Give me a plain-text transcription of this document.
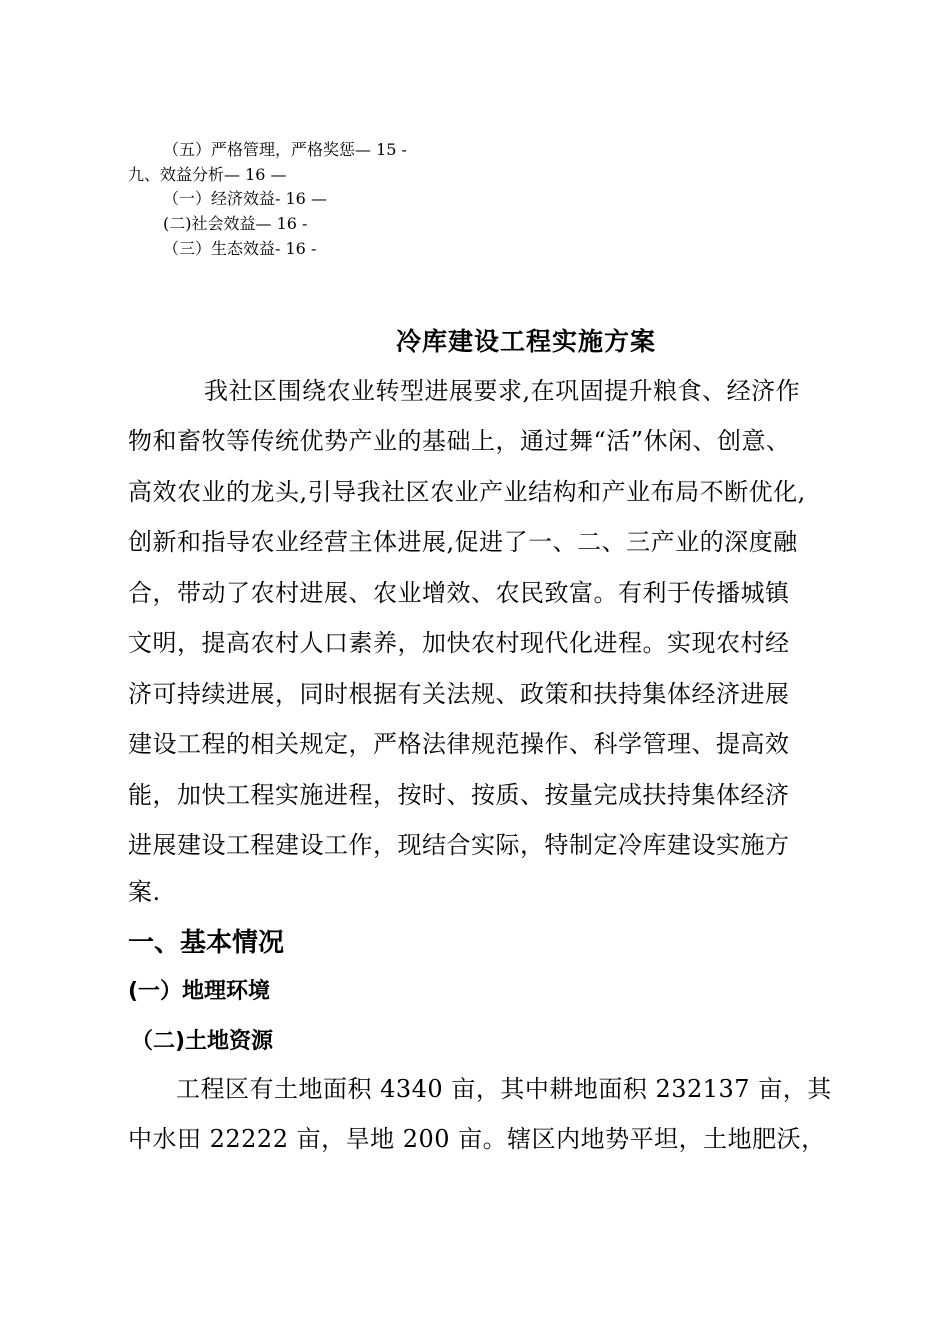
（五）严格管理，严格奖惩— 15 -
九、效益分析— 16 —
（一）经济效益- 16 —
(二)社会效益— 16 -
（三）生态效益- 16 -
冷库建设工程实施方案
我社区围绕农业转型进展要求,在巩固提升粮食、经济作
物和畜牧等传统优势产业的基础上，通过舞“活”休闲、创意、
高效农业的龙头,引导我社区农业产业结构和产业布局不断优化,
创新和指导农业经营主体进展,促进了一、二、三产业的深度融
合，带动了农村进展、农业增效、农民致富。有利于传播城镇
文明，提高农村人口素养，加快农村现代化进程。实现农村经
济可持续进展，同时根据有关法规、政策和扶持集体经济进展
建设工程的相关规定，严格法律规范操作、科学管理、提高效
能，加快工程实施进程，按时、按质、按量完成扶持集体经济
进展建设工程建设工作，现结合实际，特制定冷库建设实施方
案.
一、基本情况
(一）地理环境
（二)土地资源
工程区有土地面积 4340 亩，其中耕地面积 232137 亩，其
中水田 22222 亩，旱地 200 亩。辖区内地势平坦，土地肥沃，
